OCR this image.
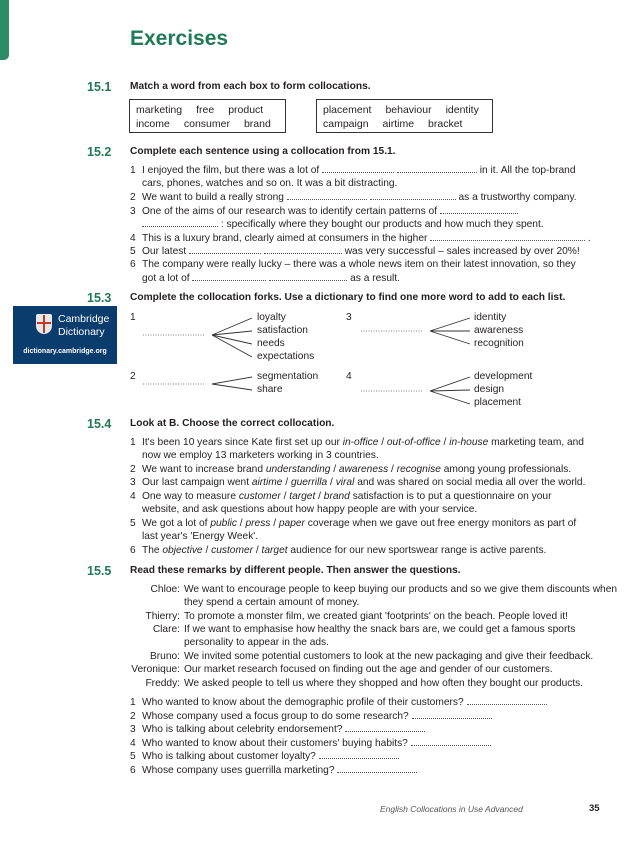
Exercises
Cambridge
Dictionary
dictionary.cambridge.org
15.1 Match a word from each box to form collocations.
marketing free product
income consumer brand
placement behaviour identity
campaign airtime bracket
15.2 Complete each sentence using a collocation from 15.1.
1 I enjoyed the film, but there was a lot of	in it. All the top-brand
cars, phones, watches and so on. It was a bit distracting.
2 We want to build a really strong	as a trustworthy company.
3 One of the aims of our research was to identify certain patterns of
: specifically where they bought our products and how much they spent.
4 This is a luxury brand, clearly aimed at consumers in the higher	.
5 Our latest	was very successful – sales increased by over 20%!
6 The company were really lucky – there was a whole news item on their latest innovation, so they
got a lot of	as a result.
15.3 Complete the collocation forks. Use a dictionary to find one more word to add to each list.
1	loyalty
satisfaction
needs
expectations
2	segmentation
share
3	identity
awareness
recognition
4	development
design
placement
15.4 Look at B. Choose the correct collocation.
1 It's been 10 years since Kate first set up our in-office / out-of-office / in-house marketing team, and
now we employ 13 marketers working in 3 countries.
2 We want to increase brand understanding / awareness / recognise among young professionals.
3 Our last campaign went airtime / guerrilla / viral and was shared on social media all over the world.
4 One way to measure customer / target / brand satisfaction is to put a questionnaire on your
website, and ask questions about how happy people are with your service.
5 We got a lot of public / press / paper coverage when we gave out free energy monitors as part of
last year's 'Energy Week'.
6 The objective / customer / target audience for our new sportswear range is active parents.
15.5 Read these remarks by different people. Then answer the questions.
Chloe: We want to encourage people to keep buying our products and so we give them discounts when they spend a certain amount of money.
Thierry: To promote a monster film, we created giant 'footprints' on the beach. People loved it!
Clare: If we want to emphasise how healthy the snack bars are, we could get a famous sports personality to appear in the ads.
Bruno: We invited some potential customers to look at the new packaging and give their feedback.
Veronique: Our market research focused on finding out the age and gender of our customers.
Freddy: We asked people to tell us where they shopped and how often they bought our products.
1 Who wanted to know about the demographic profile of their customers?
2 Whose company used a focus group to do some research?
3 Who is talking about celebrity endorsement?
4 Who wanted to know about their customers' buying habits?
5 Who is talking about customer loyalty?
6 Whose company uses guerrilla marketing?
English Collocations in Use Advanced	35
